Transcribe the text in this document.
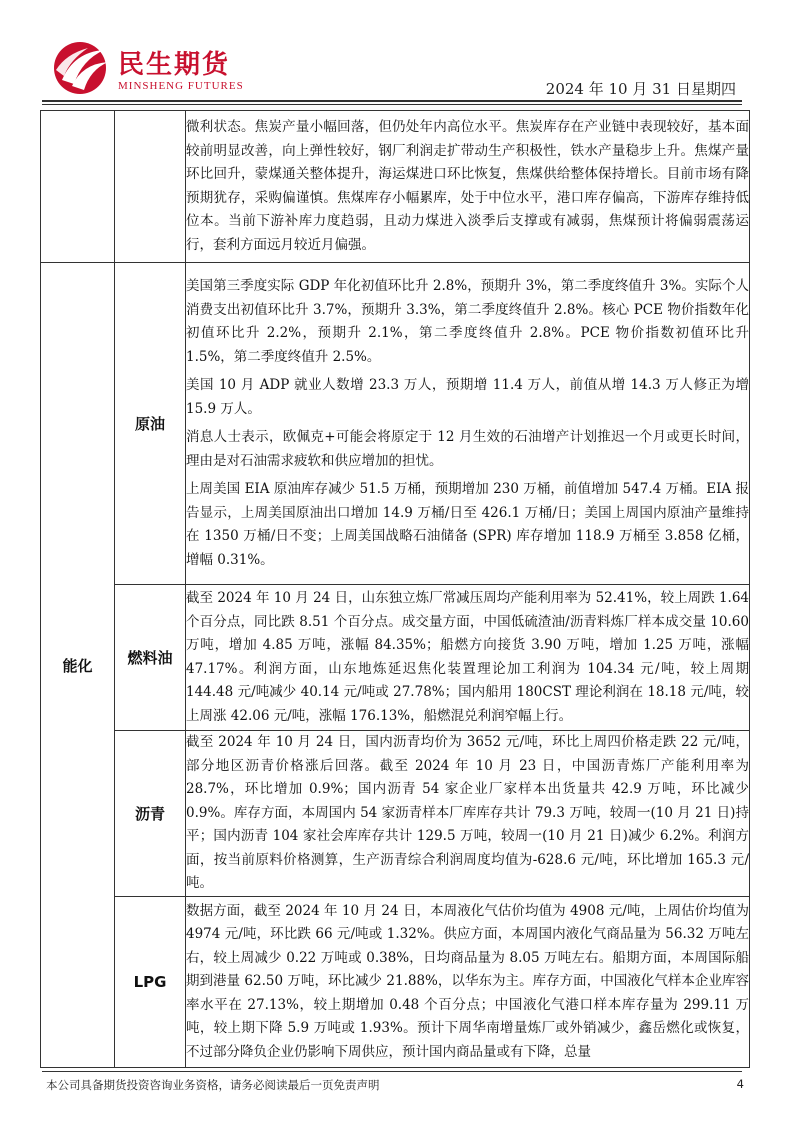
民生期货
MINSHENG FUTURES	2024 年 10 月 31 日星期四

		微利状态。焦炭产量小幅回落，但仍处年内高位水平。焦炭库存在产业链中表现较好，基本面较前明显改善，向上弹性较好，钢厂利润走扩带动生产积极性，铁水产量稳步上升。焦煤产量环比回升，蒙煤通关整体提升，海运煤进口环比恢复，焦煤供给整体保持增长。目前市场有降预期犹存，采购偏谨慎。焦煤库存小幅累库，处于中位水平，港口库存偏高，下游库存维持低位本。当前下游补库力度趋弱，且动力煤进入淡季后支撑或有减弱，焦煤预计将偏弱震荡运行，套利方面远月较近月偏强。

能化	原油	美国第三季度实际 GDP 年化初值环比升 2.8%，预期升 3%，第二季度终值升 3%。实际个人消费支出初值环比升 3.7%，预期升 3.3%，第二季度终值升 2.8%。核心 PCE 物价指数年化初值环比升 2.2%，预期升 2.1%，第二季度终值升 2.8%。PCE 物价指数初值环比升 1.5%，第二季度终值升 2.5%。

美国 10 月 ADP 就业人数增 23.3 万人，预期增 11.4 万人，前值从增 14.3 万人修正为增 15.9 万人。

消息人士表示，欧佩克+可能会将原定于 12 月生效的石油增产计划推迟一个月或更长时间，理由是对石油需求疲软和供应增加的担忧。

上周美国 EIA 原油库存减少 51.5 万桶，预期增加 230 万桶，前值增加 547.4 万桶。EIA 报告显示，上周美国原油出口增加 14.9 万桶/日至 426.1 万桶/日；美国上周国内原油产量维持在 1350 万桶/日不变；上周美国战略石油储备 (SPR) 库存增加 118.9 万桶至 3.858 亿桶，增幅 0.31%。

	燃料油	截至 2024 年 10 月 24 日，山东独立炼厂常减压周均产能利用率为 52.41%，较上周跌 1.64 个百分点，同比跌 8.51 个百分点。成交量方面，中国低硫渣油/沥青料炼厂样本成交量 10.60 万吨，增加 4.85 万吨，涨幅 84.35%；船燃方向接货 3.90 万吨，增加 1.25 万吨，涨幅 47.17%。利润方面，山东地炼延迟焦化装置理论加工利润为 104.34 元/吨，较上周期 144.48 元/吨减少 40.14 元/吨或 27.78%；国内船用 180CST 理论利润在 18.18 元/吨，较上周涨 42.06 元/吨，涨幅 176.13%，船燃混兑利润窄幅上行。

	沥青	截至 2024 年 10 月 24 日，国内沥青均价为 3652 元/吨，环比上周四价格走跌 22 元/吨，部分地区沥青价格涨后回落。截至 2024 年 10 月 23 日，中国沥青炼厂产能利用率为 28.7%，环比增加 0.9%；国内沥青 54 家企业厂家样本出货量共 42.9 万吨，环比减少 0.9%。库存方面，本周国内 54 家沥青样本厂库库存共计 79.3 万吨，较周一(10 月 21 日)持平；国内沥青 104 家社会库库存共计 129.5 万吨，较周一(10 月 21 日)减少 6.2%。利润方面，按当前原料价格测算，生产沥青综合利润周度均值为-628.6 元/吨，环比增加 165.3 元/吨。

	LPG	数据方面，截至 2024 年 10 月 24 日，本周液化气估价均值为 4908 元/吨，上周估价均值为 4974 元/吨，环比跌 66 元/吨或 1.32%。供应方面，本周国内液化气商品量为 56.32 万吨左右，较上周减少 0.22 万吨或 0.38%，日均商品量为 8.05 万吨左右。船期方面，本周国际船期到港量 62.50 万吨，环比减少 21.88%，以华东为主。库存方面，中国液化气样本企业库容率水平在 27.13%，较上期增加 0.48 个百分点；中国液化气港口样本库存量为 299.11 万吨，较上期下降 5.9 万吨或 1.93%。预计下周华南增量炼厂或外销减少，鑫岳燃化或恢复，不过部分降负企业仍影响下周供应，预计国内商品量或有下降，总量

本公司具备期货投资咨询业务资格，请务必阅读最后一页免责声明	4
